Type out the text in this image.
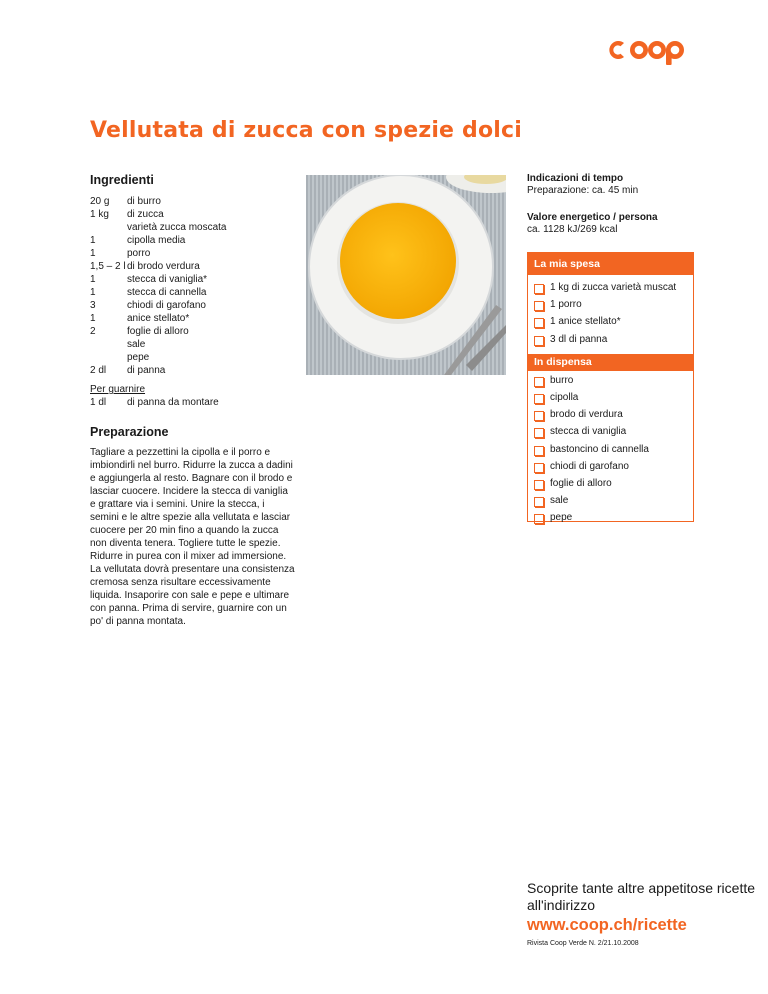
Vellutata di zucca con spezie dolci
Ingredienti
20 g	di burro
1 kg	di zucca
	varietà zucca moscata
1	cipolla media
1	porro
1,5 – 2 l	di brodo verdura
1	stecca di vaniglia*
1	stecca di cannella
3	chiodi di garofano
1	anice stellato*
2	foglie di alloro
	sale
	pepe
2 dl	di panna
Per guarnire
1 dl di panna da montare
Preparazione

Tagliare a pezzettini la cipolla e il porro e imbiondirli nel burro. Ridurre la zucca a dadini e aggiungerla al resto. Bagnare con il brodo e lasciar cuocere. Incidere la stecca di vaniglia e grattare via i semini. Unire la stecca, i semini e le altre spezie alla vellutata e lasciar cuocere per 20 min fino a quando la zucca non diventa tenera. Togliere tutte le spezie. Ridurre in purea con il mixer ad immersione. La vellutata dovrà presentare una consistenza cremosa senza risultare eccessivamente liquida. Insaporire con sale e pepe e ultimare con panna. Prima di servire, guarnire con un po' di panna montata.

Indicazioni di tempo
Preparazione: ca. 45 min
Valore energetico / persona
ca. 1128 kJ/269 kcal
La mia spesa
1 kg di zucca varietà muscat
1 porro
1 anice stellato*
3 dl di panna
In dispensa
burro
cipolla
brodo di verdura
stecca di vaniglia
bastoncino di cannella
chiodi di garofano
foglie di alloro
sale
pepe

Scoprite tante altre appetitose ricette all'indirizzo

www.coop.ch/ricette
Rivista Coop Verde N. 2/21.10.2008
